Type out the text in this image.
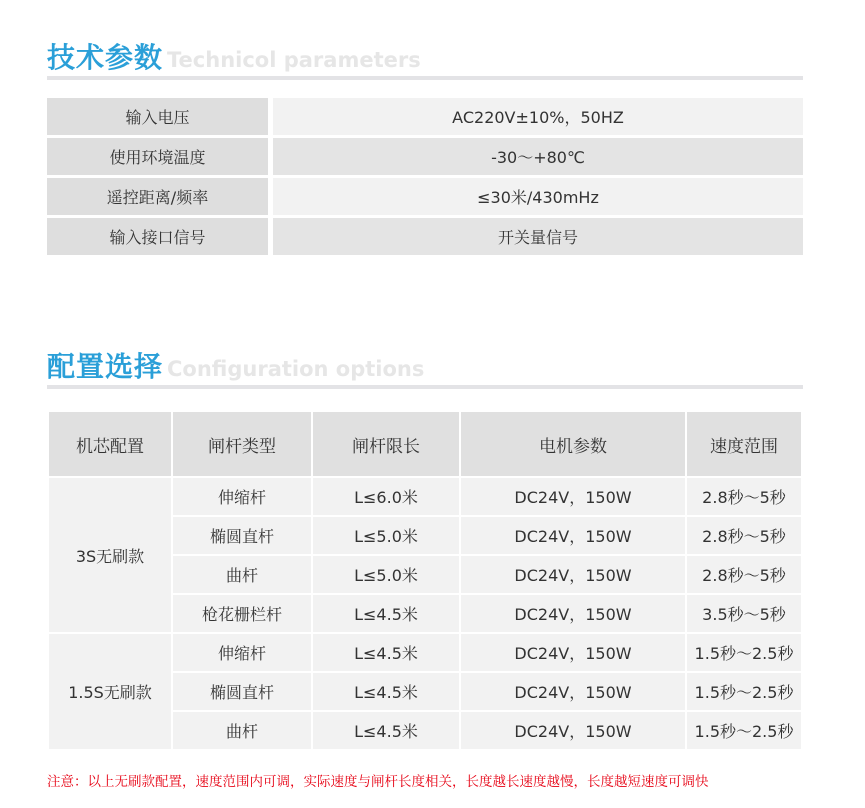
技术参数 Technicol parameters
输入电压	AC220V±10%，50HZ
使用环境温度	-30～+80℃
遥控距离/频率	≤30米/430mHz
输入接口信号	开关量信号
配置选择 Configuration options
机芯配置	闸杆类型	闸杆限长	电机参数	速度范围
3S无刷款	伸缩杆	L≤6.0米	DC24V，150W	2.8秒～5秒
	椭圆直杆	L≤5.0米	DC24V，150W	2.8秒～5秒
	曲杆	L≤5.0米	DC24V，150W	2.8秒～5秒
	枪花栅栏杆	L≤4.5米	DC24V，150W	3.5秒～5秒
1.5S无刷款	伸缩杆	L≤4.5米	DC24V，150W	1.5秒～2.5秒
	椭圆直杆	L≤4.5米	DC24V，150W	1.5秒～2.5秒
	曲杆	L≤4.5米	DC24V，150W	1.5秒～2.5秒
注意：以上无刷款配置，速度范围内可调，实际速度与闸杆长度相关，长度越长速度越慢，长度越短速度可调快
